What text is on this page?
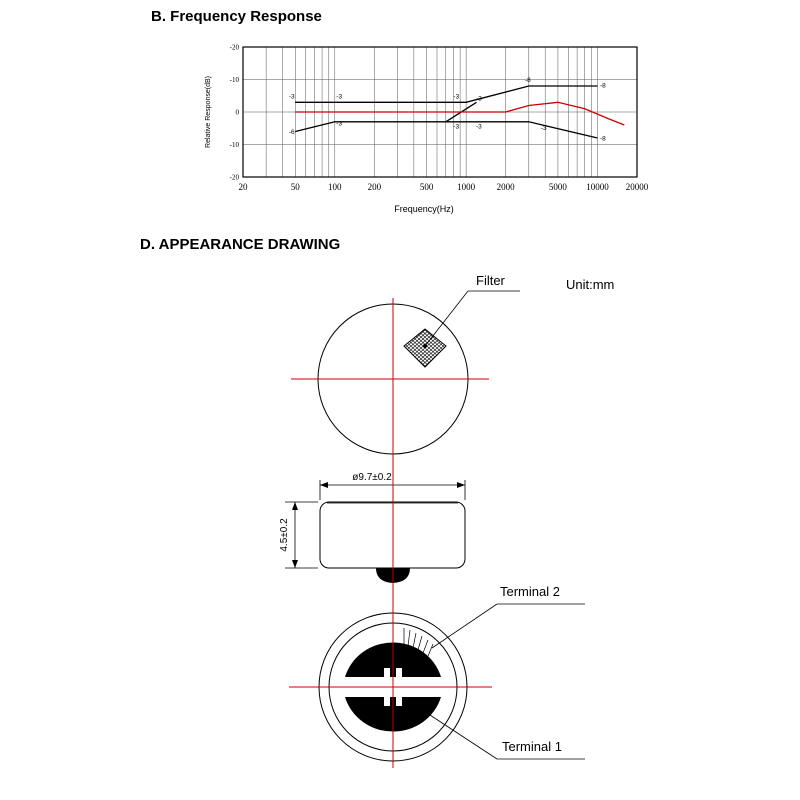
B. Frequency Response
D. APPEARANCE DRAWING
20	50	100	200	500	1000 2000	5000 10000 20000
-20
-10
0
-10
-20
-3	-3
-6
-3
-3
-3
-3
-3
-8
-8
-3
-8
Frequency(Hz)
Relative Response(dB)
Filter	Unit:mm
ø9.7±0.2
4.5±0.2
Terminal 2
Terminal 1
